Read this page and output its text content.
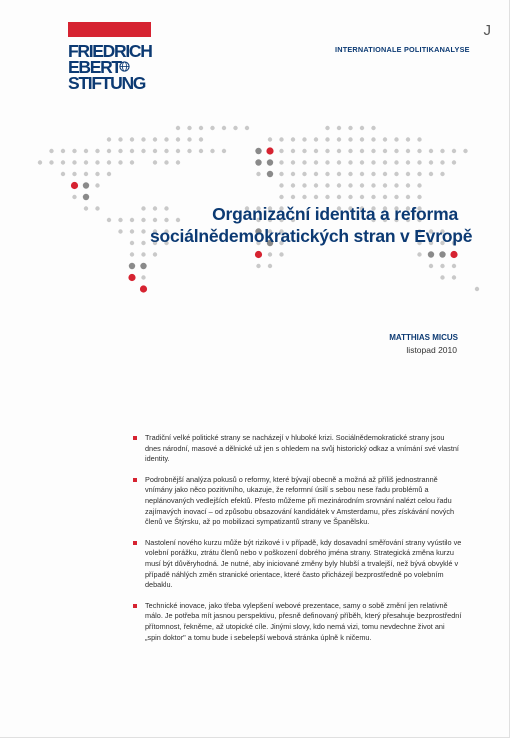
FRIEDRICH
EBERT
STIFTUNG
J
INTERNATIONALE POLITIKANALYSE
Organizační identita a reforma
sociálnědemokratických stran v Evropě
MATTHIAS MICUS
listopad 2010
Tradiční velké politické strany se nacházejí v hluboké krizi. Sociálnědemokratické strany jsou dnes národní, masové a dělnické už jen s ohledem na svůj historický odkaz a vnímání své vlastní identity.
Podrobnější analýza pokusů o reformy, které bývají obecně a možná až příliš jednostranně vnímány jako něco pozitivního, ukazuje, že reformní úsilí s sebou nese řadu problémů a neplánovaných vedlejších efektů. Přesto můžeme při mezinárodním srovnání nalézt celou řadu zajímavých inovací – od způsobu obsazování kandidátek v Amsterdamu, přes získávání nových členů ve Štýrsku, až po mobilizaci sympatizantů strany ve Španělsku.
Nastolení nového kurzu může být rizikové i v případě, kdy dosavadní směřování strany vyústilo ve volební porážku, ztrátu členů nebo v poškození dobrého jména strany. Strategická změna kurzu musí být důvěryhodná. Je nutné, aby iniciované změny byly hlubší a trvalejší, než bývá obvyklé v případě náhlých změn stranické orientace, které často přicházejí bezprostředně po volebním debaklu.
Technické inovace, jako třeba vylepšení webové prezentace, samy o sobě změní jen relativně málo. Je potřeba mít jasnou perspektivu, přesně definovaný příběh, který přesahuje bezprostřední přítomnost, řekněme, až utopické cíle. Jinými slovy, kdo nemá vizi, tomu nevdechne život ani „spin doktor" a tomu bude i sebelepší webová stránka úplně k ničemu.
